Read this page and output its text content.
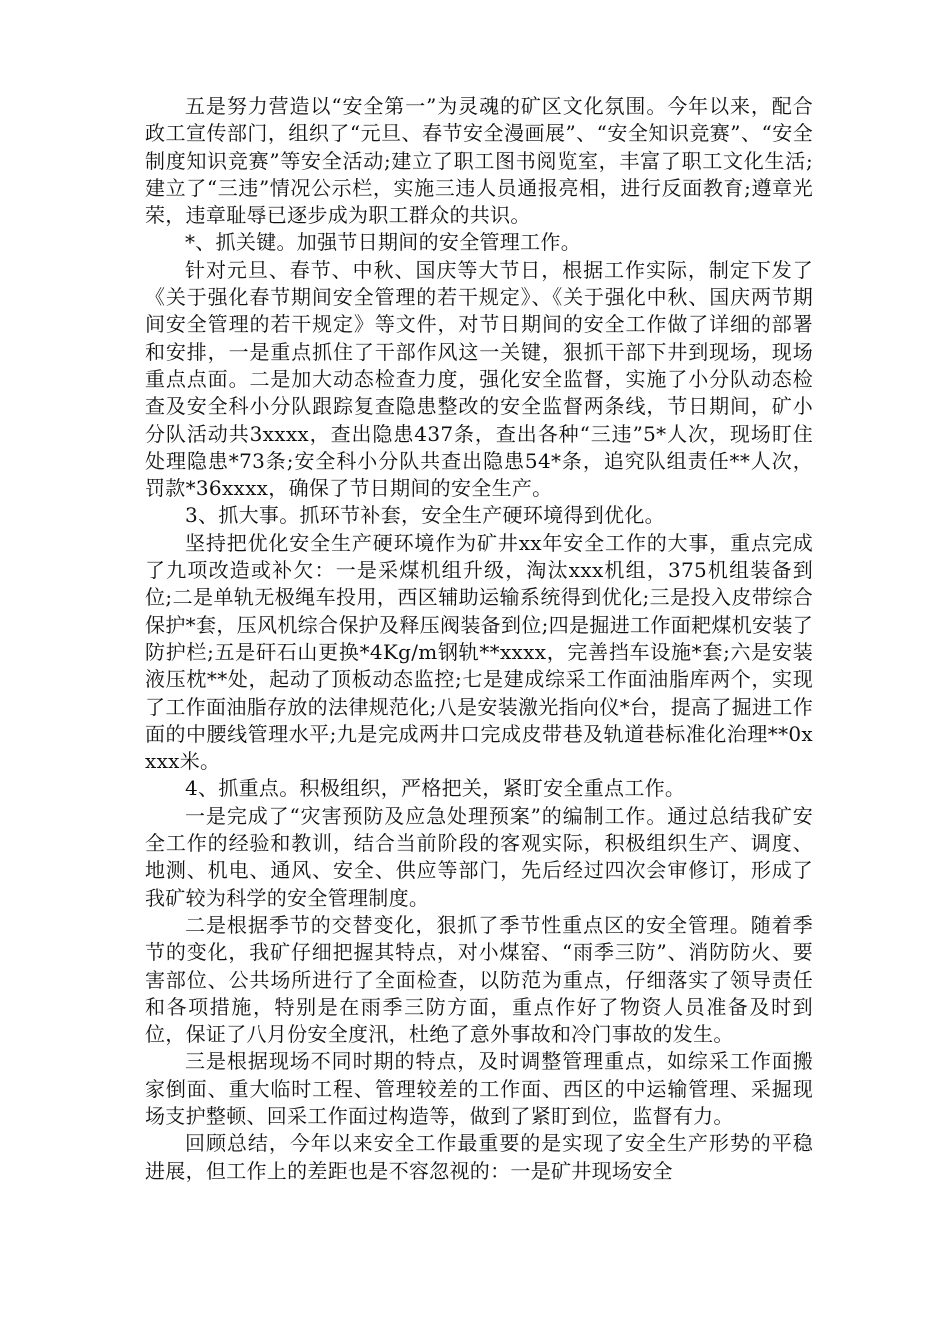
五是努力营造以“安全第一”为灵魂的矿区文化氛围。今年以来，配合政工宣传部门，组织了“元旦、春节安全漫画展”、“安全知识竞赛”、“安全制度知识竞赛”等安全活动;建立了职工图书阅览室，丰富了职工文化生活;建立了“三违”情况公示栏，实施三违人员通报亮相，进行反面教育;遵章光荣，违章耻辱已逐步成为职工群众的共识。

*、抓关键。加强节日期间的安全管理工作。

针对元旦、春节、中秋、国庆等大节日，根据工作实际，制定下发了《关于强化春节期间安全管理的若干规定》、《关于强化中秋、国庆两节期间安全管理的若干规定》等文件，对节日期间的安全工作做了详细的部署和安排，一是重点抓住了干部作风这一关键，狠抓干部下井到现场，现场重点点面。二是加大动态检查力度，强化安全监督，实施了小分队动态检查及安全科小分队跟踪复查隐患整改的安全监督两条线，节日期间，矿小分队活动共3xxxx，查出隐患437条，查出各种“三违”5*人次，现场盯住处理隐患*73条;安全科小分队共查出隐患54*条，追究队组责任**人次，罚款*36xxxx，确保了节日期间的安全生产。

3、抓大事。抓环节补套，安全生产硬环境得到优化。

坚持把优化安全生产硬环境作为矿井xx年安全工作的大事，重点完成了九项改造或补欠：一是采煤机组升级，淘汰xxx机组，375机组装备到位;二是单轨无极绳车投用，西区辅助运输系统得到优化;三是投入皮带综合保护*套，压风机综合保护及释压阀装备到位;四是掘进工作面耙煤机安装了防护栏;五是矸石山更换*4Kg/m钢轨**xxxx，完善挡车设施*套;六是安装液压枕**处，起动了顶板动态监控;七是建成综采工作面油脂库两个，实现了工作面油脂存放的法律规范化;八是安装激光指向仪*台，提高了掘进工作面的中腰线管理水平;九是完成两井口完成皮带巷及轨道巷标准化治理**0xxxx米。

4、抓重点。积极组织，严格把关，紧盯安全重点工作。

一是完成了“灾害预防及应急处理预案”的编制工作。通过总结我矿安全工作的经验和教训，结合当前阶段的客观实际，积极组织生产、调度、地测、机电、通风、安全、供应等部门，先后经过四次会审修订，形成了我矿较为科学的安全管理制度。

二是根据季节的交替变化，狠抓了季节性重点区的安全管理。随着季节的变化，我矿仔细把握其特点，对小煤窑、“雨季三防”、消防防火、要害部位、公共场所进行了全面检查，以防范为重点，仔细落实了领导责任和各项措施，特别是在雨季三防方面，重点作好了物资人员准备及时到位，保证了八月份安全度汛，杜绝了意外事故和冷门事故的发生。

三是根据现场不同时期的特点，及时调整管理重点，如综采工作面搬家倒面、重大临时工程、管理较差的工作面、西区的中运输管理、采掘现场支护整顿、回采工作面过构造等，做到了紧盯到位，监督有力。

回顾总结，今年以来安全工作最重要的是实现了安全生产形势的平稳进展，但工作上的差距也是不容忽视的：一是矿井现场安全
